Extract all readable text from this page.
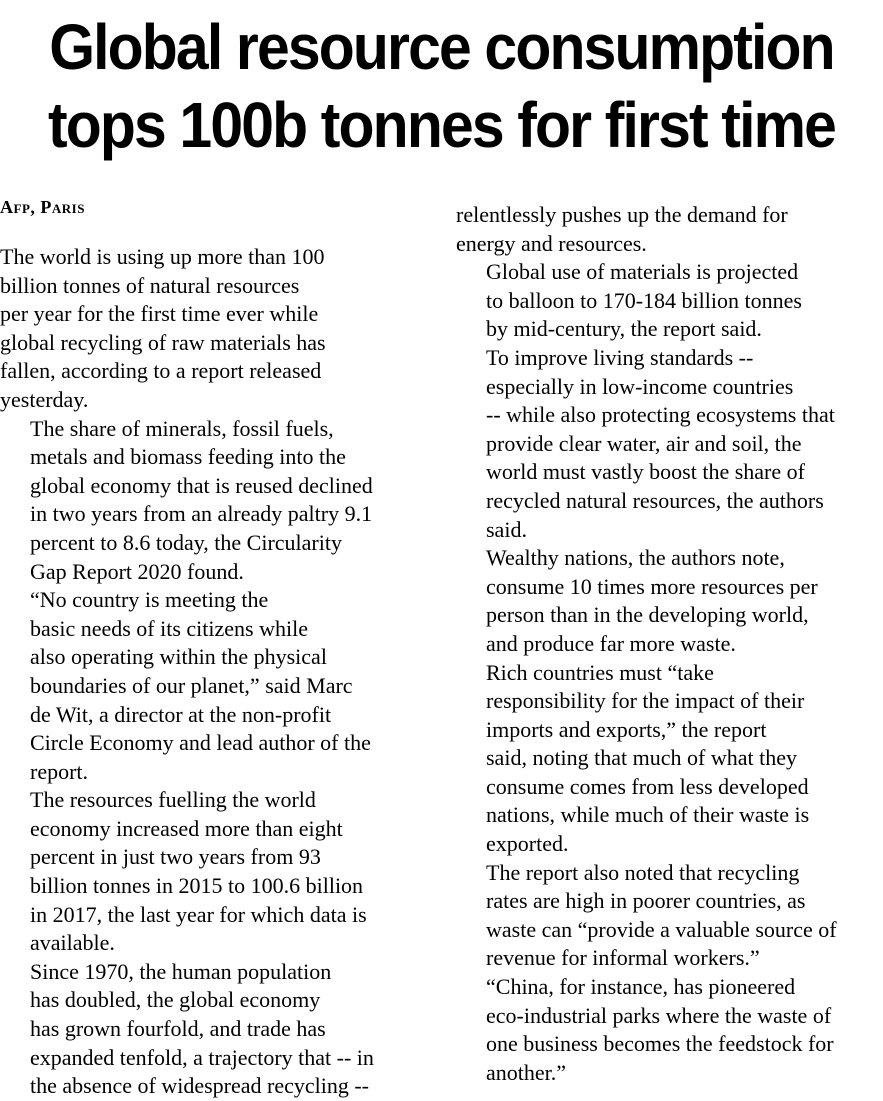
Global resource consumption
tops 100b tonnes for first time
Afp, Paris

The world is using up more than 100
billion tonnes of natural resources
per year for the first time ever while
global recycling of raw materials has
fallen, according to a report released
yesterday.

The share of minerals, fossil fuels,
metals and biomass feeding into the
global economy that is reused declined
in two years from an already paltry 9.1
percent to 8.6 today, the Circularity
Gap Report 2020 found.

“No country is meeting the
basic needs of its citizens while
also operating within the physical
boundaries of our planet,” said Marc
de Wit, a director at the non-profit
Circle Economy and lead author of the
report.

The resources fuelling the world
economy increased more than eight
percent in just two years from 93
billion tonnes in 2015 to 100.6 billion
in 2017, the last year for which data is
available.

Since 1970, the human population
has doubled, the global economy
has grown fourfold, and trade has
expanded tenfold, a trajectory that -- in
the absence of widespread recycling --

relentlessly pushes up the demand for
energy and resources.

Global use of materials is projected
to balloon to 170-184 billion tonnes
by mid-century, the report said.

To improve living standards --
especially in low-income countries
-- while also protecting ecosystems that
provide clear water, air and soil, the
world must vastly boost the share of
recycled natural resources, the authors
said.

Wealthy nations, the authors note,
consume 10 times more resources per
person than in the developing world,
and produce far more waste.

Rich countries must “take
responsibility for the impact of their
imports and exports,” the report
said, noting that much of what they
consume comes from less developed
nations, while much of their waste is
exported.

The report also noted that recycling
rates are high in poorer countries, as
waste can “provide a valuable source of
revenue for informal workers.”

“China, for instance, has pioneered
eco-industrial parks where the waste of
one business becomes the feedstock for
another.”
